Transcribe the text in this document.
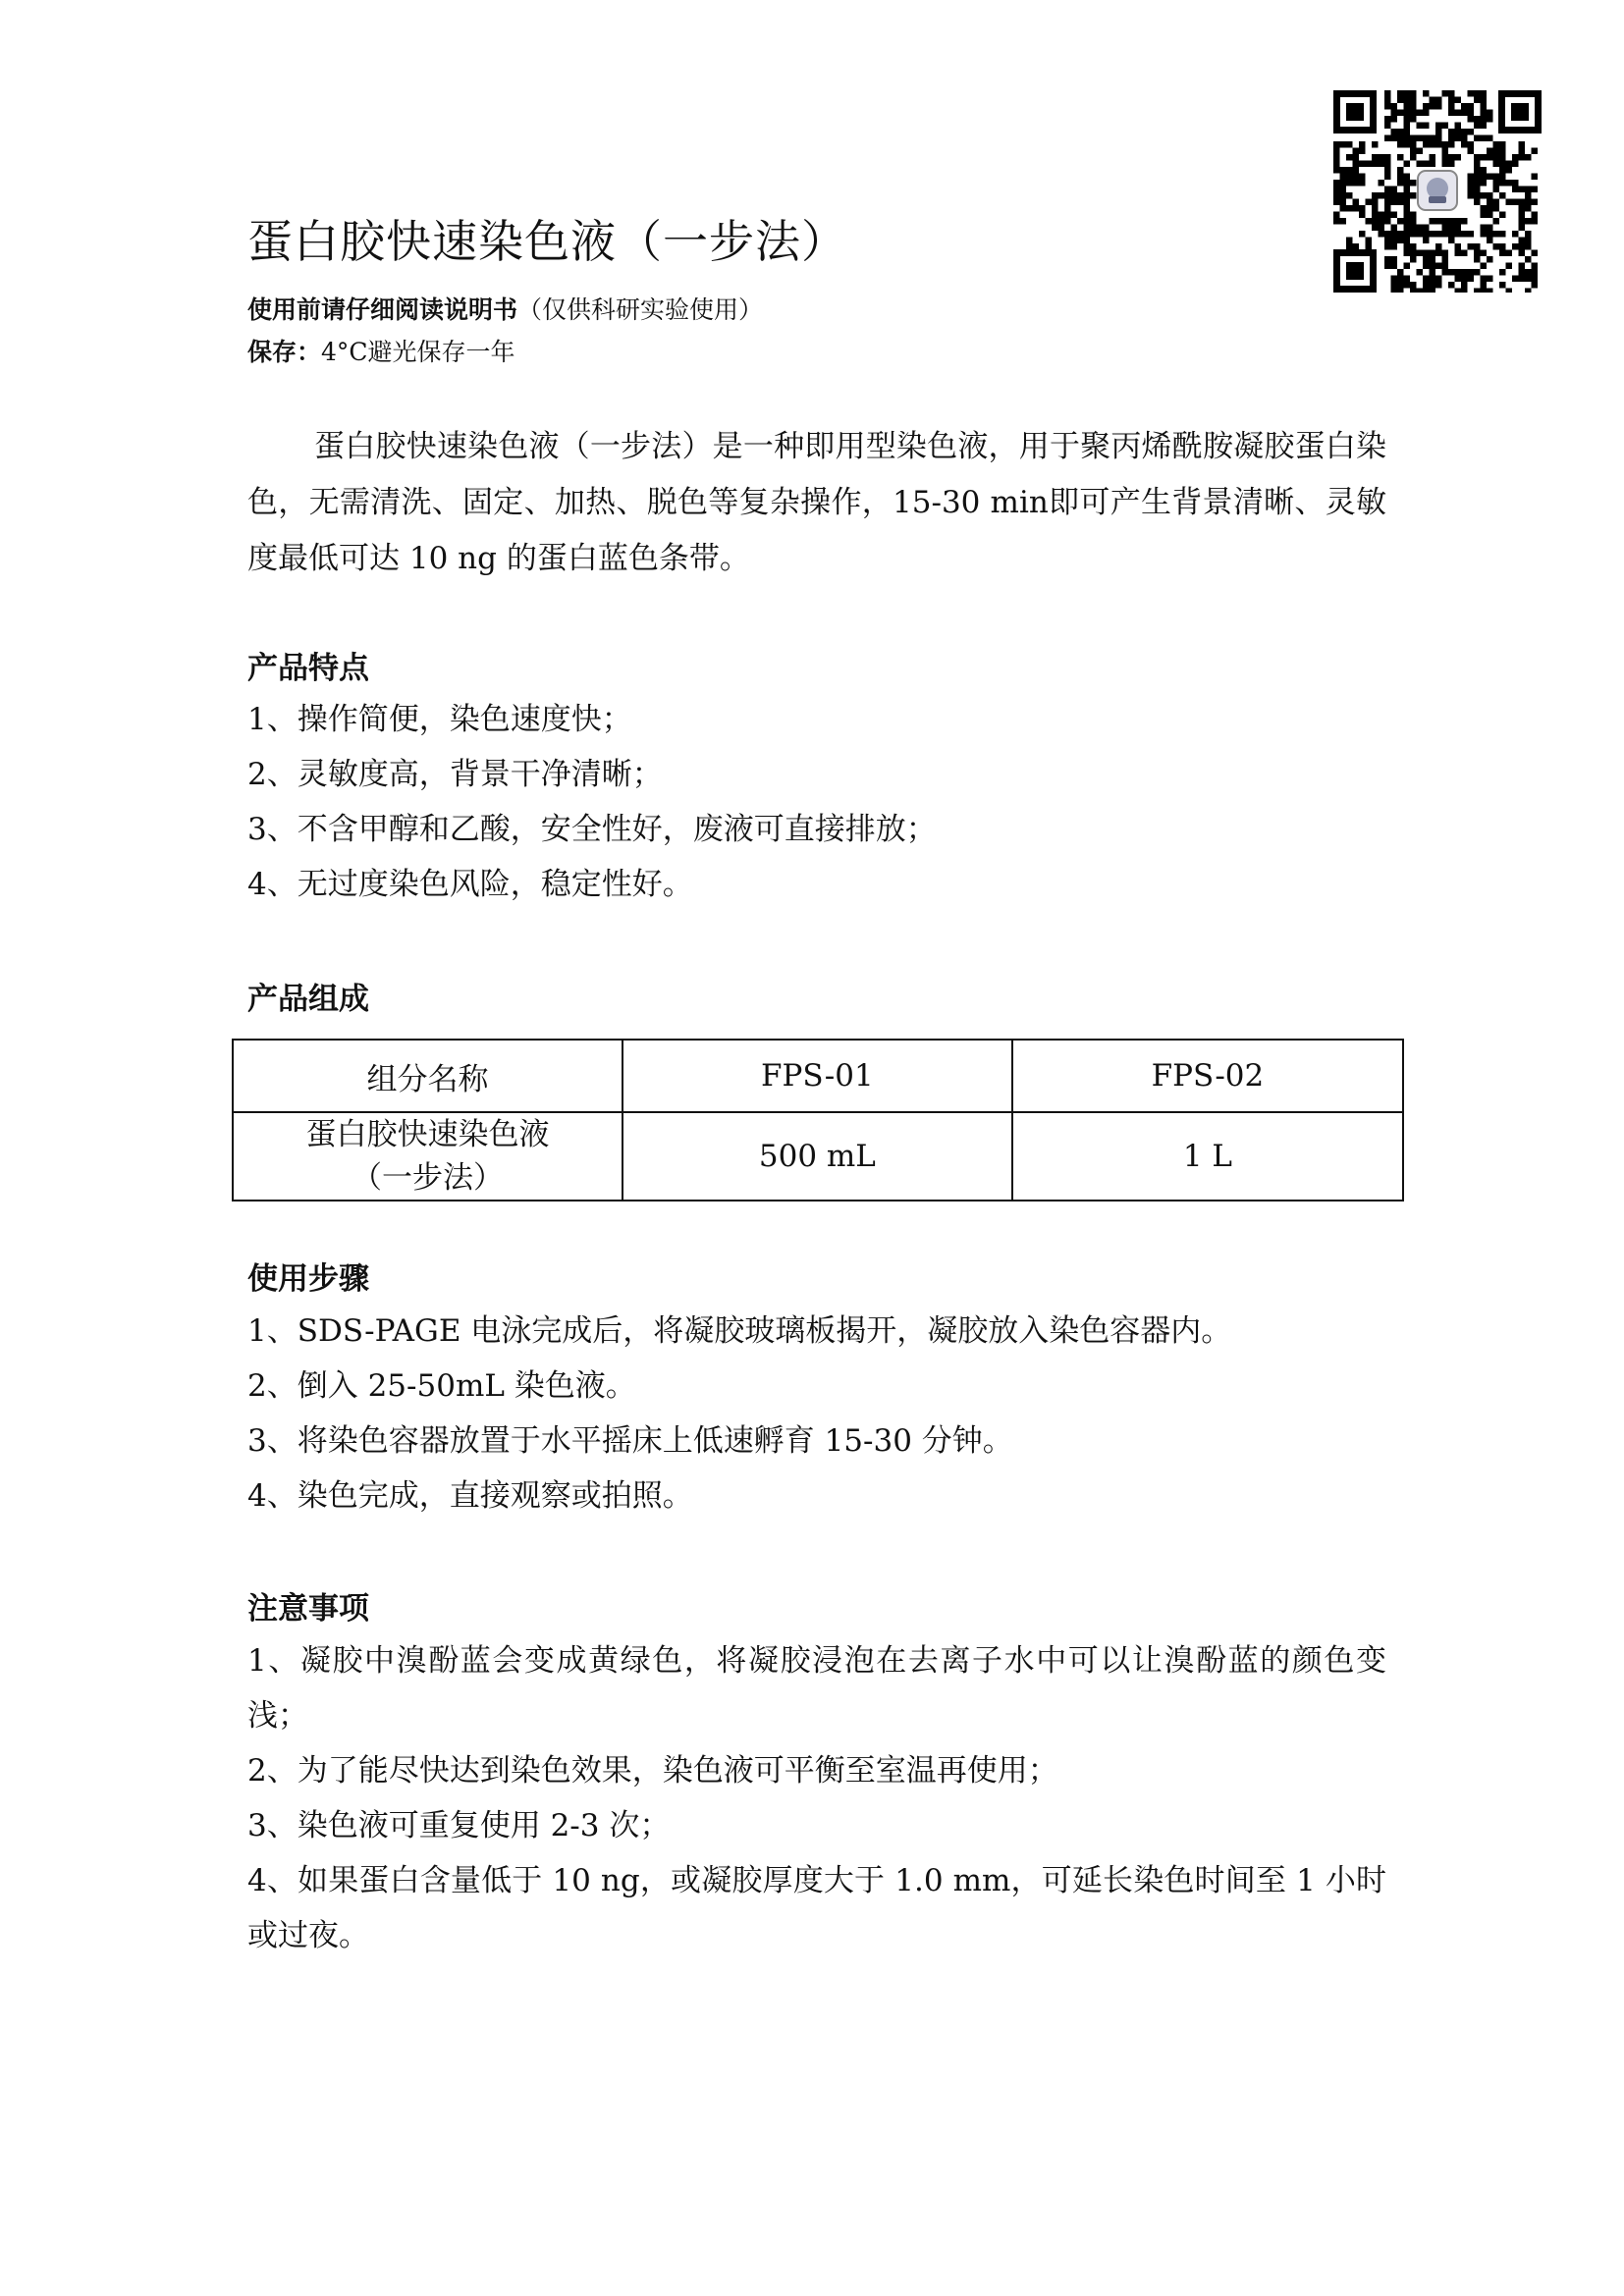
蛋白胶快速染色液（一步法）
使用前请仔细阅读说明书（仅供科研实验使用）
保存：4°C避光保存一年

蛋白胶快速染色液（一步法）是一种即用型染色液，用于聚丙烯酰胺凝胶蛋白染色，无需清洗、固定、加热、脱色等复杂操作，15-30 min即可产生背景清晰、灵敏度最低可达 10 ng 的蛋白蓝色条带。

产品特点
1、操作简便，染色速度快；
2、灵敏度高，背景干净清晰；
3、不含甲醇和乙酸，安全性好，废液可直接排放；
4、无过度染色风险，稳定性好。
产品组成
组分名称	FPS-01	FPS-02

蛋白胶快速染色液
（一步法）	500 mL	1 L
使用步骤
1、SDS-PAGE 电泳完成后，将凝胶玻璃板揭开，凝胶放入染色容器内。
2、倒入 25-50mL 染色液。
3、将染色容器放置于水平摇床上低速孵育 15-30 分钟。
4、染色完成，直接观察或拍照。
注意事项
1、凝胶中溴酚蓝会变成黄绿色，将凝胶浸泡在去离子水中可以让溴酚蓝的颜色变浅；
2、为了能尽快达到染色效果，染色液可平衡至室温再使用；
3、染色液可重复使用 2-3 次；
4、如果蛋白含量低于 10 ng，或凝胶厚度大于 1.0 mm，可延长染色时间至 1 小时或过夜。
